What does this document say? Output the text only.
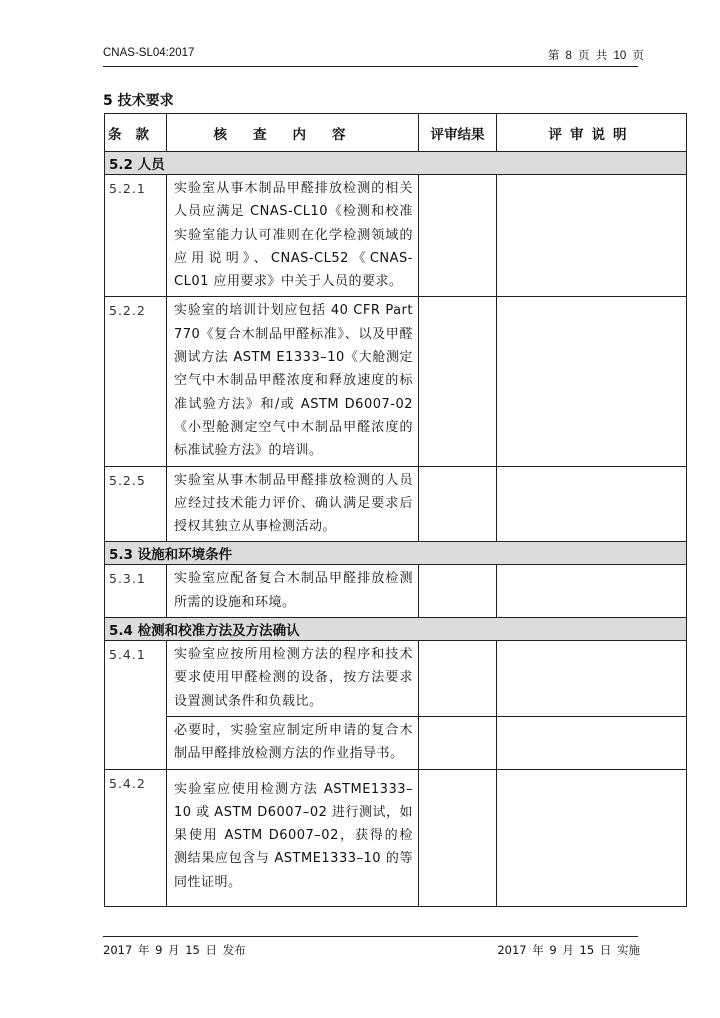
CNAS-SL04:2017	第 8 页 共 10 页
5 技术要求
条款	核查内容	评审结果	评审说明
5.2 人员			
5.2.1	实验室从事木制品甲醛排放检测的相关人员应满足 CNAS-CL10《检测和校准实验室能力认可准则在化学检测领域的应用说明》、CNAS-CL52《CNAS-CL01 应用要求》中关于人员的要求。		
5.2.2	实验室的培训计划应包括 40 CFR Part 770《复合木制品甲醛标准》、以及甲醛测试方法 ASTM E1333–10《大舱测定空气中木制品甲醛浓度和释放速度的标准试验方法》和/或 ASTM D6007-02《小型舱测定空气中木制品甲醛浓度的标准试验方法》的培训。		
5.2.5	实验室从事木制品甲醛排放检测的人员应经过技术能力评价、确认满足要求后授权其独立从事检测活动。		
5.3 设施和环境条件			
5.3.1	实验室应配备复合木制品甲醛排放检测所需的设施和环境。		
5.4 检测和校准方法及方法确认			
5.4.1	实验室应按所用检测方法的程序和技术要求使用甲醛检测的设备，按方法要求设置测试条件和负载比。		
	必要时，实验室应制定所申请的复合木制品甲醛排放检测方法的作业指导书。		
5.4.2	实验室应使用检测方法 ASTME1333–10 或 ASTM D6007–02 进行测试，如果使用 ASTM D6007–02，获得的检测结果应包含与 ASTME1333–10 的等同性证明。		
2017 年 9 月 15 日 发布	2017 年 9 月 15 日 实施
